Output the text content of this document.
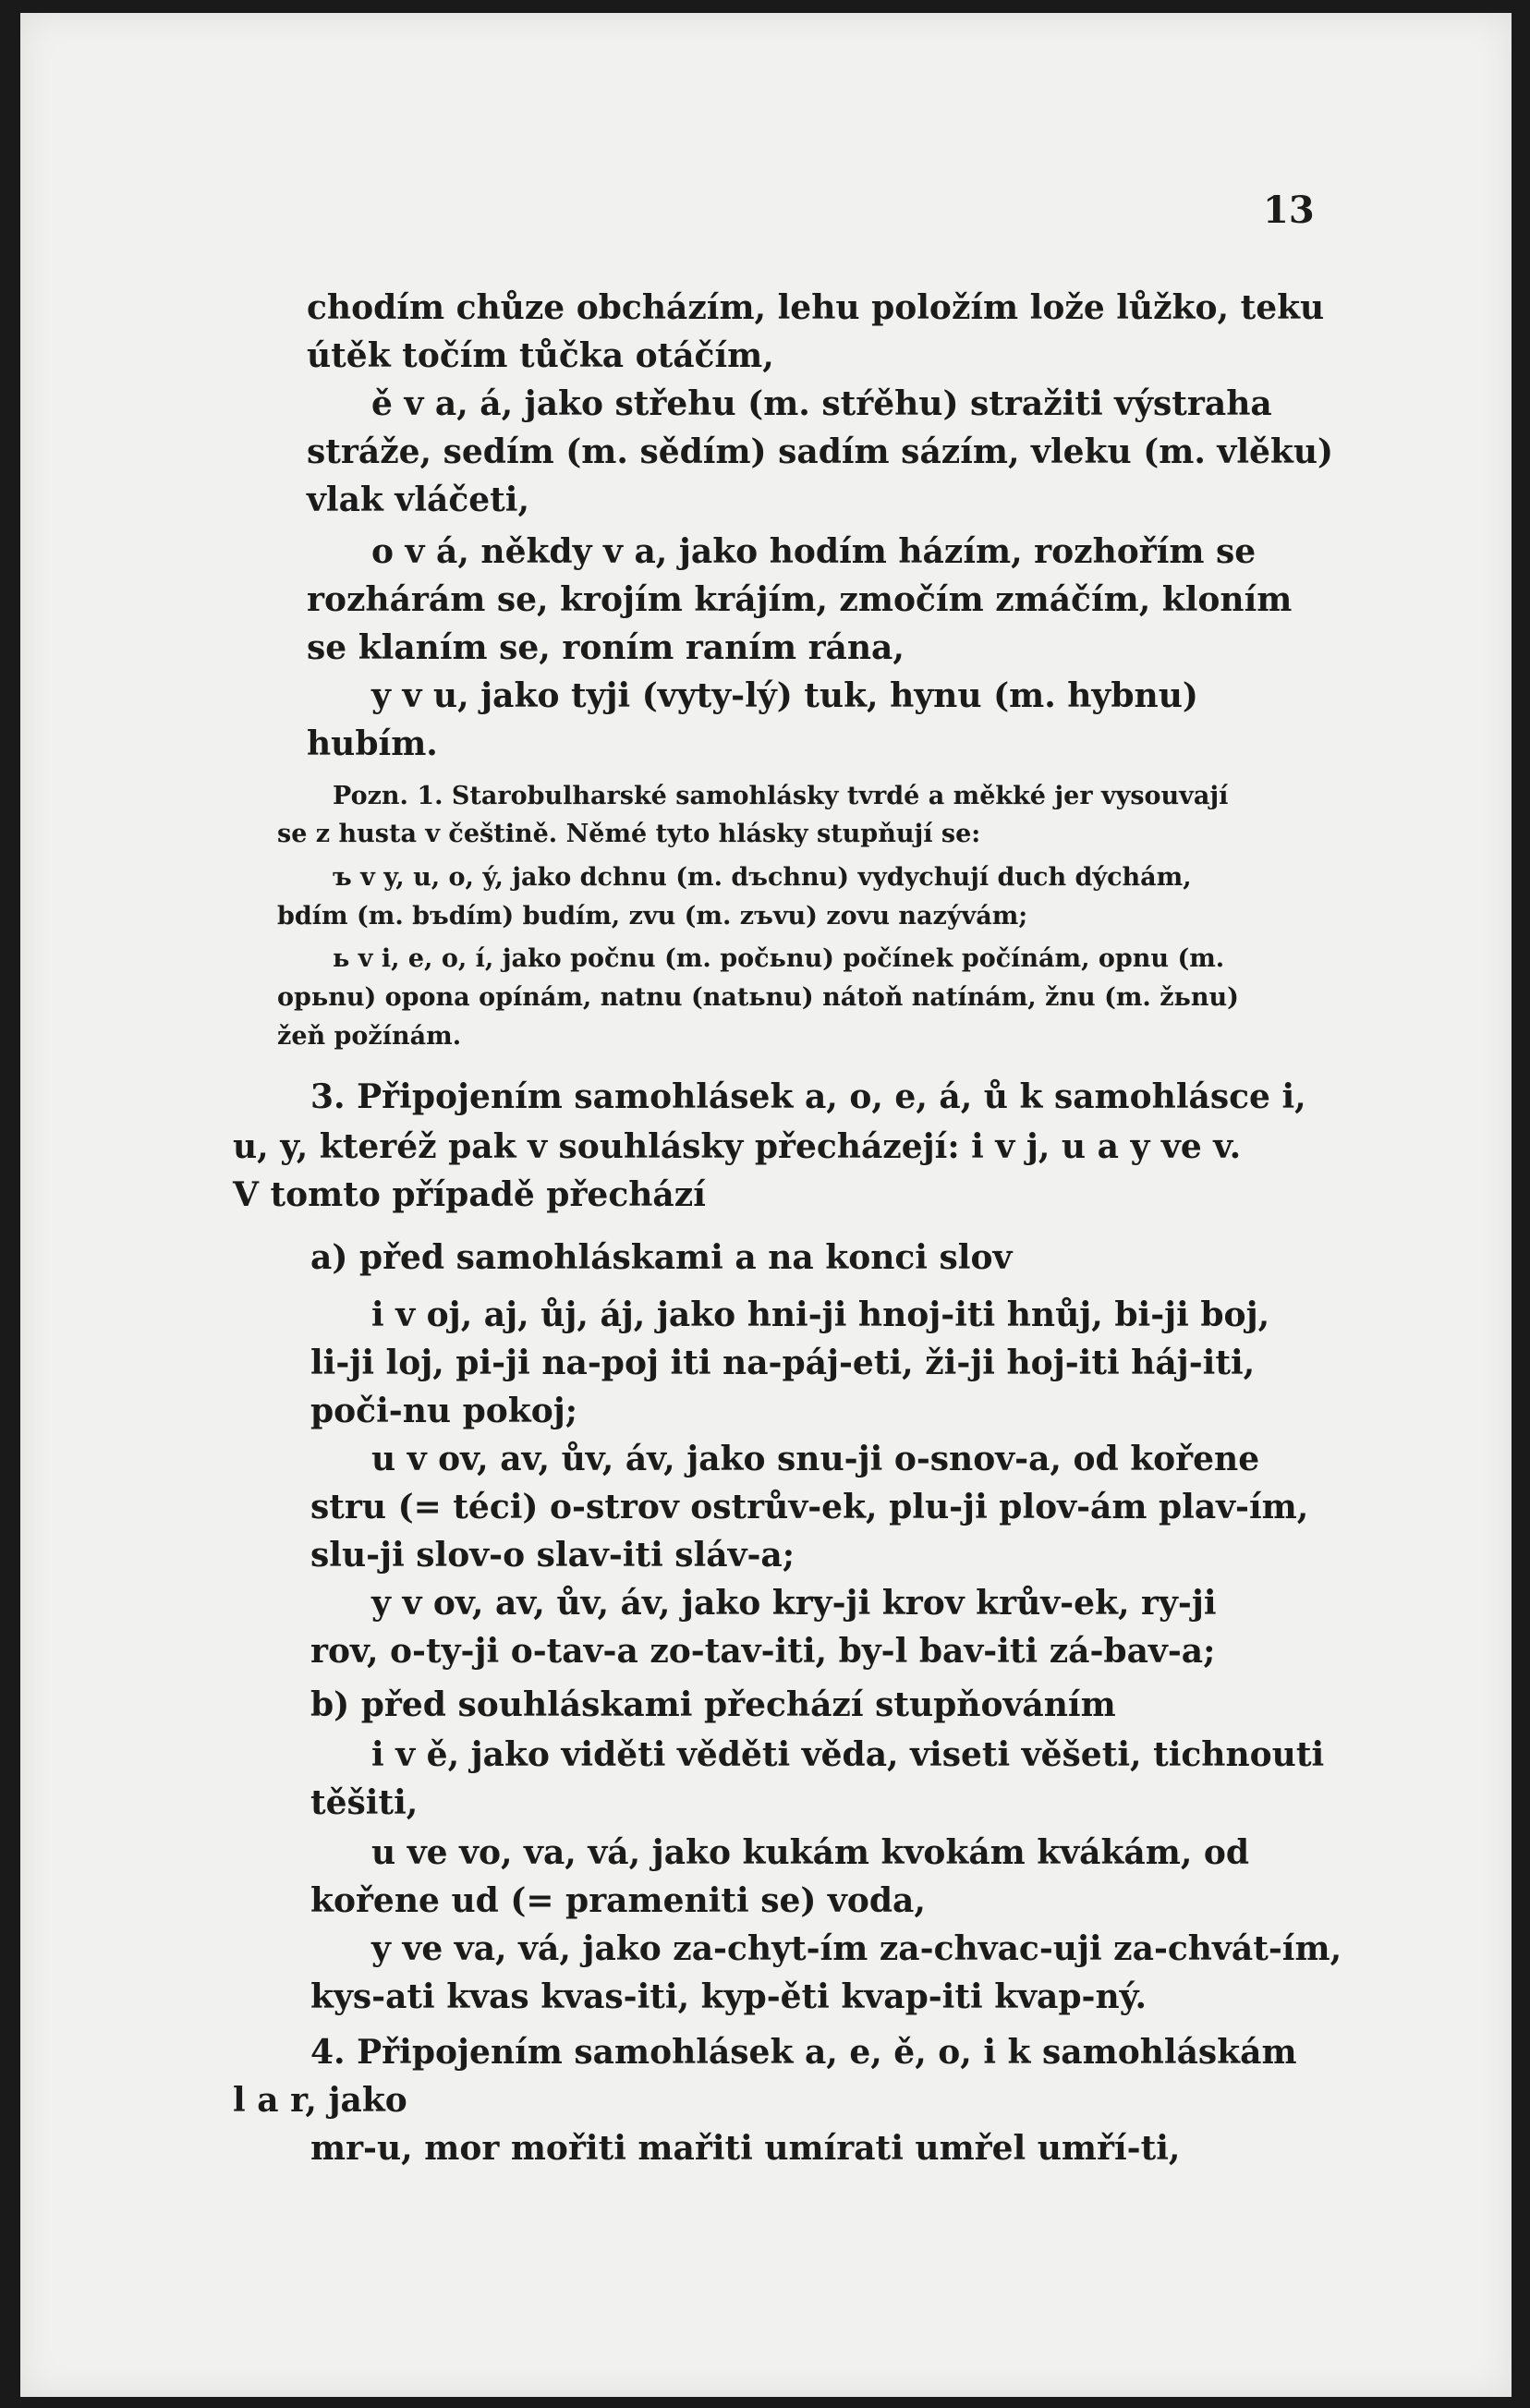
13
chodím chůze obcházím, lehu položím lože lůžko, teku
útěk točím tůčka otáčím,
ě v a, á, jako střehu (m. stŕěhu) stražiti výstraha
stráže, sedím (m. sědím) sadím sázím, vleku (m. vlěku)
vlak vláčeti,
o v á, někdy v a, jako hodím házím, rozhořím se
rozhárám se, krojím krájím, zmočím zmáčím, kloním
se klaním se, roním raním rána,
y v u, jako tyji (vyty-lý) tuk, hynu (m. hybnu)
hubím.
Pozn. 1. Starobulharské samohlásky tvrdé a měkké jer vysouvají
se z husta v češtině. Němé tyto hlásky stupňují se:
ъ v y, u, o, ý, jako dchnu (m. dъchnu) vydychují duch dýchám,
bdím (m. bъdím) budím, zvu (m. zъvu) zovu nazývám;
ь v i, e, o, í, jako počnu (m. počьnu) počínek počínám, opnu (m.
opьnu) opona opínám, natnu (natьnu) nátoň natínám, žnu (m. žьnu)
žeň požínám.
3. Připojením samohlásek a, o, e, á, ů k samohlásce i,
u, y, kteréž pak v souhlásky přecházejí: i v j, u a y ve v.
V tomto případě přechází
a) před samohláskami a na konci slov
i v oj, aj, ůj, áj, jako hni-ji hnoj-iti hnůj, bi-ji boj,
li-ji loj, pi-ji na-poj iti na-páj-eti, ži-ji hoj-iti háj-iti,
poči-nu pokoj;
u v ov, av, ův, áv, jako snu-ji o-snov-a, od kořene
stru (= téci) o-strov ostrův-ek, plu-ji plov-ám plav-ím,
slu-ji slov-o slav-iti sláv-a;
y v ov, av, ův, áv, jako kry-ji krov krův-ek, ry-ji
rov, o-ty-ji o-tav-a zo-tav-iti, by-l bav-iti zá-bav-a;
b) před souhláskami přechází stupňováním
i v ě, jako viděti věděti věda, viseti věšeti, tichnouti
těšiti,
u ve vo, va, vá, jako kukám kvokám kvákám, od
kořene ud (= prameniti se) voda,
y ve va, vá, jako za-chyt-ím za-chvac-uji za-chvát-ím,
kys-ati kvas kvas-iti, kyp-ěti kvap-iti kvap-ný.
4. Připojením samohlásek a, e, ě, o, i k samohláskám
l a r, jako
mr-u, mor mořiti mařiti umírati umřel umří-ti,
